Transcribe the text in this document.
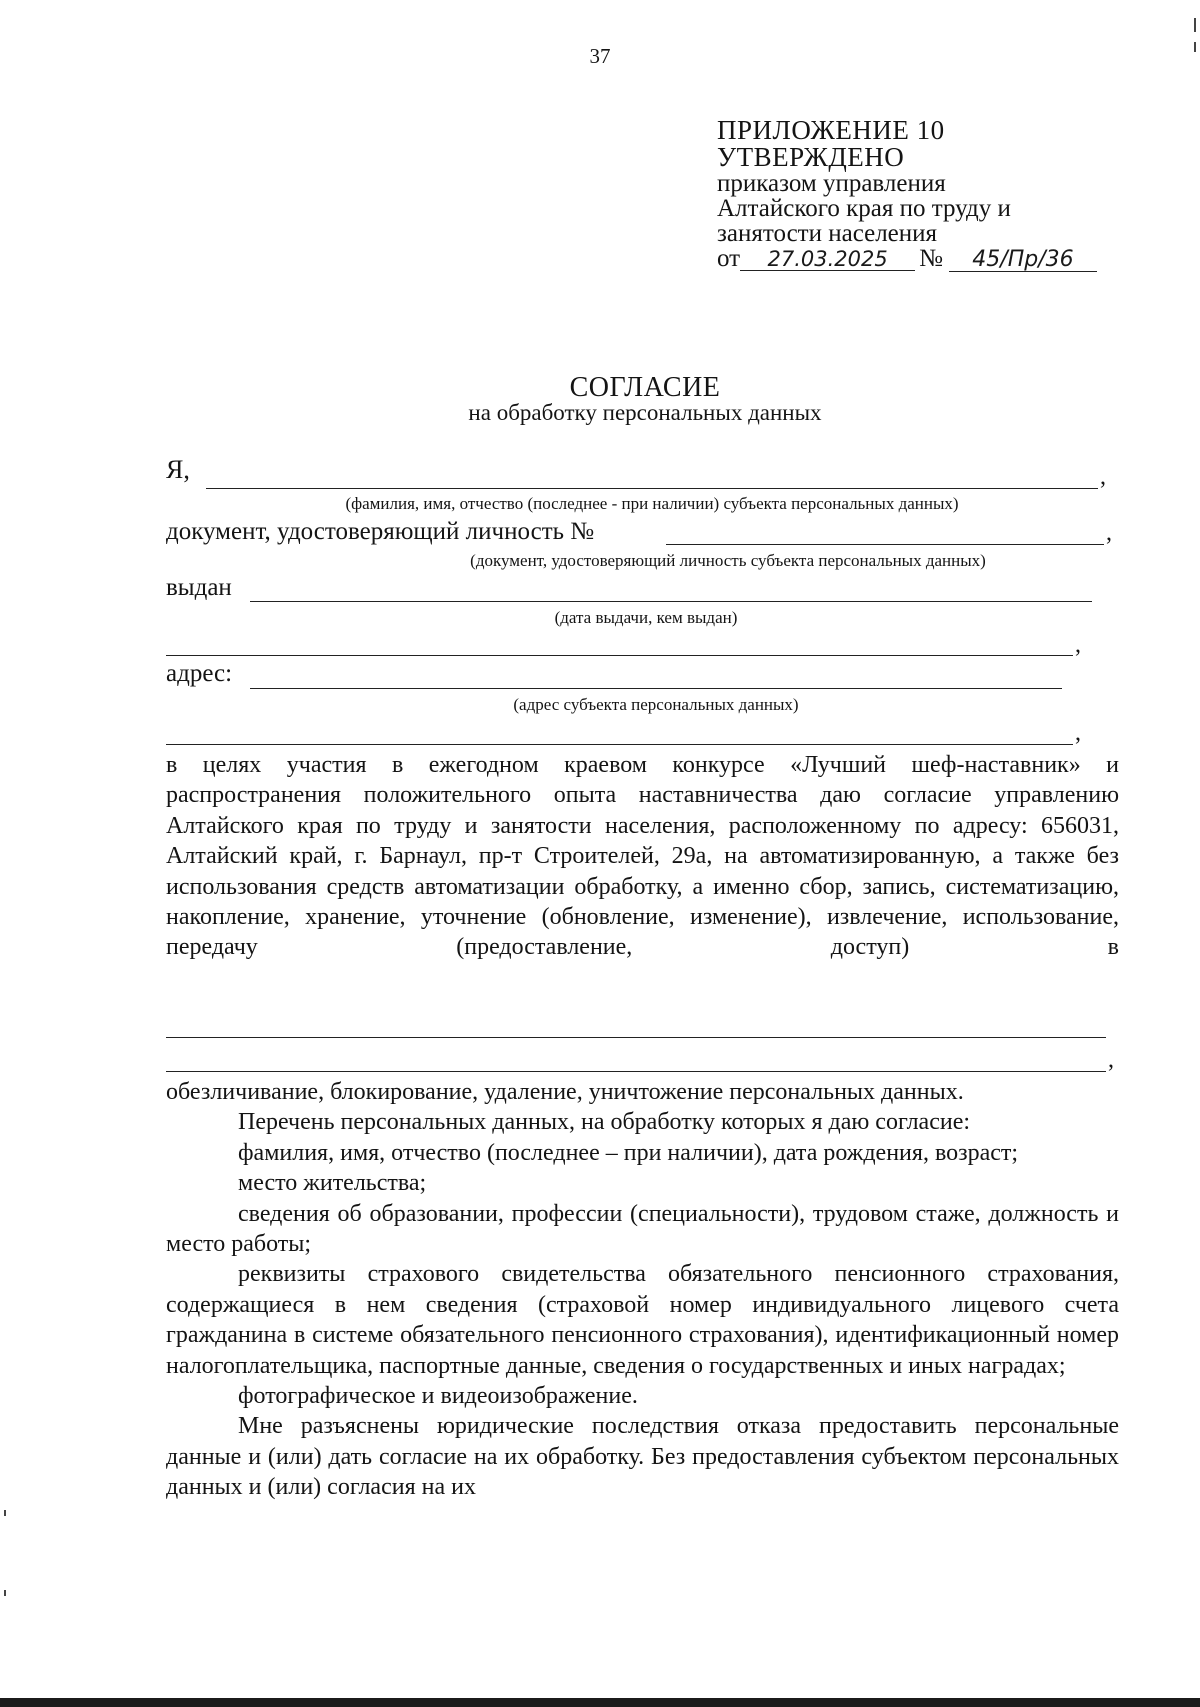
37
ПРИЛОЖЕНИЕ 10
УТВЕРЖДЕНО
приказом управления
Алтайского края по труду и
занятости населения
от 27.03.2025 № 45/Пр/36
СОГЛАСИЕ
на обработку персональных данных
Я,	,
(фамилия, имя, отчество (последнее - при наличии) субъекта персональных данных)
документ, удостоверяющий личность №	,
(документ, удостоверяющий личность субъекта персональных данных)
выдан
(дата выдачи, кем выдан)
,
адрес:
(адрес субъекта персональных данных)
,

в целях участия в ежегодном краевом конкурсе «Лучший шеф-наставник» и распространения положительного опыта наставничества даю согласие управлению Алтайского края по труду и занятости населения, расположенному по адресу: 656031, Алтайский край, г. Барнаул, пр-т Строителей, 29а, на автоматизированную, а также без использования средств автоматизации обработку, а именно сбор, запись, систематизацию, накопление, хранение, уточнение (обновление, изменение), извлечение, использование, передачу (предоставление, доступ) в

,

обезличивание, блокирование, удаление, уничтожение персональных данных.

Перечень персональных данных, на обработку которых я даю согласие:

фамилия, имя, отчество (последнее – при наличии), дата рождения, возраст;

место жительства;

сведения об образовании, профессии (специальности), трудовом стаже, должность и место работы;

реквизиты страхового свидетельства обязательного пенсионного страхования, содержащиеся в нем сведения (страховой номер индивидуального лицевого счета гражданина в системе обязательного пенсионного страхования), идентификационный номер налогоплательщика, паспортные данные, сведения о государственных и иных наградах;

фотографическое и видеоизображение.

Мне разъяснены юридические последствия отказа предоставить персональные данные и (или) дать согласие на их обработку. Без предоставления субъектом персональных данных и (или) согласия на их
